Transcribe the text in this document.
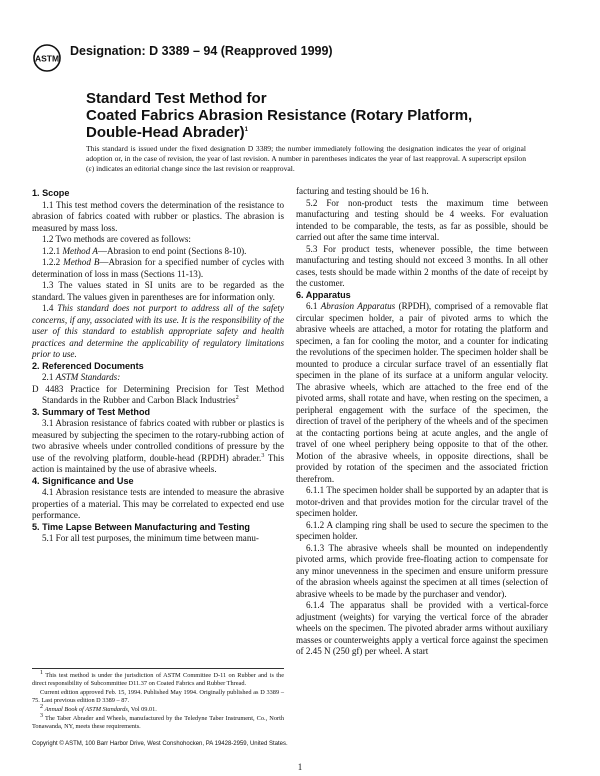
ASTM
Designation: D 3389 – 94 (Reapproved 1999)
Standard Test Method for
Coated Fabrics Abrasion Resistance (Rotary Platform,
Double-Head Abrader)$^1$
This standard is issued under the fixed designation D 3389; the number immediately following the designation indicates the year of original adoption or, in the case of revision, the year of last revision. A number in parentheses indicates the year of last reapproval. A superscript epsilon (ε) indicates an editorial change since the last revision or reapproval.

1. Scope

1.1 This test method covers the determination of the resistance to abrasion of fabrics coated with rubber or plastics. The abrasion is measured by mass loss.

1.2 Two methods are covered as follows:

1.2.1 Method A—Abrasion to end point (Sections 8-10).

1.2.2 Method B—Abrasion for a specified number of cycles with determination of loss in mass (Sections 11-13).

1.3 The values stated in SI units are to be regarded as the standard. The values given in parentheses are for information only.

1.4 This standard does not purport to address all of the safety concerns, if any, associated with its use. It is the responsibility of the user of this standard to establish appropriate safety and health practices and determine the applicability of regulatory limitations prior to use.

2. Referenced Documents

2.1 ASTM Standards:

D 4483 Practice for Determining Precision for Test Method Standards in the Rubber and Carbon Black Industries$^2$

3. Summary of Test Method

3.1 Abrasion resistance of fabrics coated with rubber or plastics is measured by subjecting the specimen to the rotary-rubbing action of two abrasive wheels under controlled conditions of pressure by the use of the revolving platform, double-head (RPDH) abrader.$^3$ This action is maintained by the use of abrasive wheels.

4. Significance and Use

4.1 Abrasion resistance tests are intended to measure the abrasive properties of a material. This may be correlated to expected end use performance.

5. Time Lapse Between Manufacturing and Testing

5.1 For all test purposes, the minimum time between manu-

facturing and testing should be 16 h.

5.2 For non-product tests the maximum time between manufacturing and testing should be 4 weeks. For evaluation intended to be comparable, the tests, as far as possible, should be carried out after the same time interval.

5.3 For product tests, whenever possible, the time between manufacturing and testing should not exceed 3 months. In all other cases, tests should be made within 2 months of the date of receipt by the customer.

6. Apparatus

6.1 Abrasion Apparatus (RPDH), comprised of a removable flat circular specimen holder, a pair of pivoted arms to which the abrasive wheels are attached, a motor for rotating the platform and specimen, a fan for cooling the motor, and a counter for indicating the revolutions of the specimen holder. The specimen holder shall be mounted to produce a circular surface travel of an essentially flat specimen in the plane of its surface at a uniform angular velocity. The abrasive wheels, which are attached to the free end of the pivoted arms, shall rotate and have, when resting on the specimen, a peripheral engagement with the surface of the specimen, the direction of travel of the periphery of the wheels and of the specimen at the contacting portions being at acute angles, and the angle of travel of one wheel periphery being opposite to that of the other. Motion of the abrasive wheels, in opposite directions, shall be provided by rotation of the specimen and the associated friction therefrom.

6.1.1 The specimen holder shall be supported by an adapter that is motor-driven and that provides motion for the circular travel of the specimen holder.

6.1.2 A clamping ring shall be used to secure the specimen to the specimen holder.

6.1.3 The abrasive wheels shall be mounted on independently pivoted arms, which provide free-floating action to compensate for any minor unevenness in the specimen and ensure uniform pressure of the abrasion wheels against the specimen at all times (selection of abrasive wheels to be made by the purchaser and vendor).

6.1.4 The apparatus shall be provided with a vertical-force adjustment (weights) for varying the vertical force of the abrader wheels on the specimen. The pivoted abrader arms without auxiliary masses or counterweights apply a vertical force against the specimen of 2.45 N (250 gf) per wheel. A start

$^1$ This test method is under the jurisdiction of ASTM Committee D-11 on Rubber and is the direct responsibility of Subcommittee D11.37 on Coated Fabrics and Rubber Thread.
Current edition approved Feb. 15, 1994. Published May 1994. Originally published as D 3389 – 75. Last previous edition D 3389 – 87.
$^2$ Annual Book of ASTM Standards, Vol 09.01.
$^3$ The Taber Abrader and Wheels, manufactured by the Teledyne Taber Instrument, Co., North Tonawanda, NY, meets these requirements.
Copyright © ASTM, 100 Barr Harbor Drive, West Conshohocken, PA 19428-2959, United States.
1
